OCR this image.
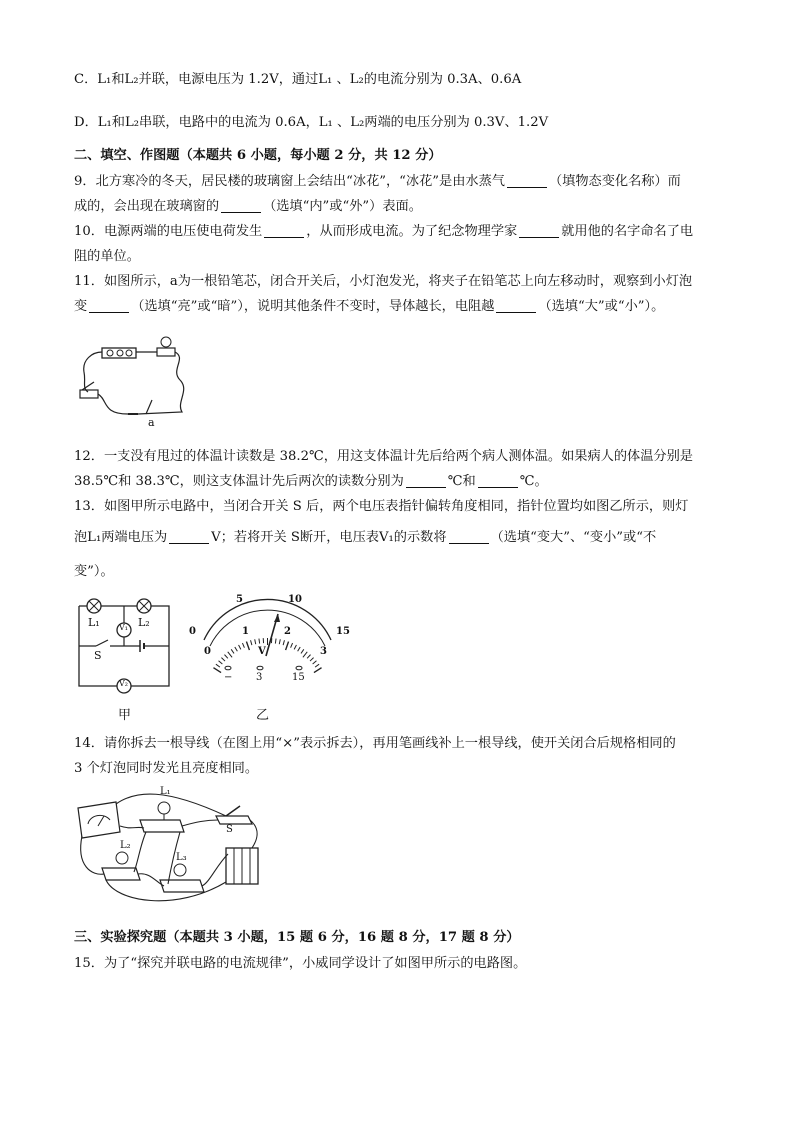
C．L₁和L₂并联，电源电压为 1.2V，通过L₁ 、L₂的电流分别为 0.3A、0.6A
D．L₁和L₂串联，电路中的电流为 0.6A，L₁ 、L₂两端的电压分别为 0.3V、1.2V
二、填空、作图题（本题共 6 小题，每小题 2 分，共 12 分）
9．北方寒冷的冬天，居民楼的玻璃窗上会结出“冰花”，“冰花”是由水蒸气	（填物态变化名称）而
成的，会出现在玻璃窗的	（选填“内”或“外”）表面。
10．电源两端的电压使电荷发生	，从而形成电流。为了纪念物理学家	就用他的名字命名了电
阻的单位。
11．如图所示，a为一根铅笔芯，闭合开关后，小灯泡发光，将夹子在铅笔芯上向左移动时，观察到小灯泡
变	（选填“亮”或“暗”），说明其他条件不变时，导体越长，电阻越	（选填“大”或“小”）。
a
12．一支没有甩过的体温计读数是 38.2℃，用这支体温计先后给两个病人测体温。如果病人的体温分别是
38.5℃和 38.3℃，则这支体温计先后两次的读数分别为	℃和	℃。
13．如图甲所示电路中，当闭合开关 S 后，两个电压表指针偏转角度相同，指针位置均如图乙所示，则灯
泡L₁两端电压为	V；若将开关 S断开，电压表V₁的示数将	（选填“变大”、“变小”或“不
变”）。
L₁	L₂
V₁
V₂
S
甲
0
5	10
15
0
1	2
3
V
− 3	15
乙
14．请你拆去一根导线（在图上用“×”表示拆去），再用笔画线补上一根导线，使开关闭合后规格相同的
3 个灯泡同时发光且亮度相同。
L₁
L₂
L₃
S
三、实验探究题（本题共 3 小题，15 题 6 分，16 题 8 分，17 题 8 分）
15．为了“探究并联电路的电流规律”，小威同学设计了如图甲所示的电路图。
